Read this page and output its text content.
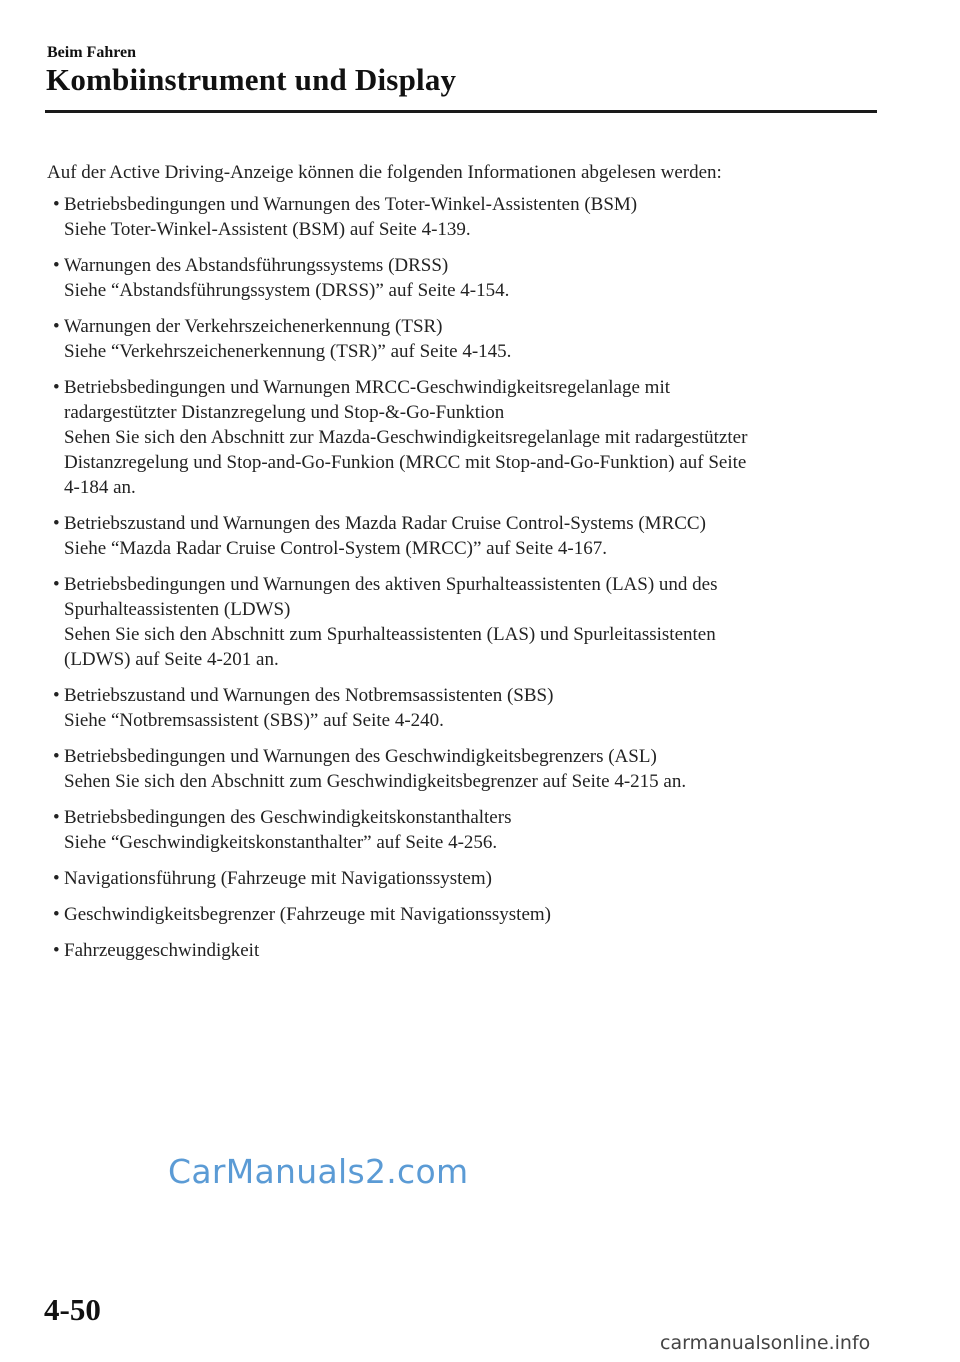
Beim Fahren
Kombiinstrument und Display

Auf der Active Driving-Anzeige können die folgenden Informationen abgelesen werden:

• Betriebsbedingungen und Warnungen des Toter-Winkel-Assistenten (BSM)
Siehe Toter-Winkel-Assistent (BSM) auf Seite 4-139.
• Warnungen des Abstandsführungssystems (DRSS)
Siehe “Abstandsführungssystem (DRSS)” auf Seite 4-154.
• Warnungen der Verkehrszeichenerkennung (TSR)
Siehe “Verkehrszeichenerkennung (TSR)” auf Seite 4-145.
• Betriebsbedingungen und Warnungen MRCC-Geschwindigkeitsregelanlage mit
radargestützter Distanzregelung und Stop-&-Go-Funktion
Sehen Sie sich den Abschnitt zur Mazda-Geschwindigkeitsregelanlage mit radargestützter
Distanzregelung und Stop-and-Go-Funkion (MRCC mit Stop-and-Go-Funktion) auf Seite
4-184 an.
• Betriebszustand und Warnungen des Mazda Radar Cruise Control-Systems (MRCC)
Siehe “Mazda Radar Cruise Control-System (MRCC)” auf Seite 4-167.
• Betriebsbedingungen und Warnungen des aktiven Spurhalteassistenten (LAS) und des
Spurhalteassistenten (LDWS)
Sehen Sie sich den Abschnitt zum Spurhalteassistenten (LAS) und Spurleitassistenten
(LDWS) auf Seite 4-201 an.
• Betriebszustand und Warnungen des Notbremsassistenten (SBS)
Siehe “Notbremsassistent (SBS)” auf Seite 4-240.
• Betriebsbedingungen und Warnungen des Geschwindigkeitsbegrenzers (ASL)
Sehen Sie sich den Abschnitt zum Geschwindigkeitsbegrenzer auf Seite 4-215 an.
• Betriebsbedingungen des Geschwindigkeitskonstanthalters
Siehe “Geschwindigkeitskonstanthalter” auf Seite 4-256.
• Navigationsführung (Fahrzeuge mit Navigationssystem)
• Geschwindigkeitsbegrenzer (Fahrzeuge mit Navigationssystem)
• Fahrzeuggeschwindigkeit
CarManuals2.com
4-50
carmanualsonline.info
